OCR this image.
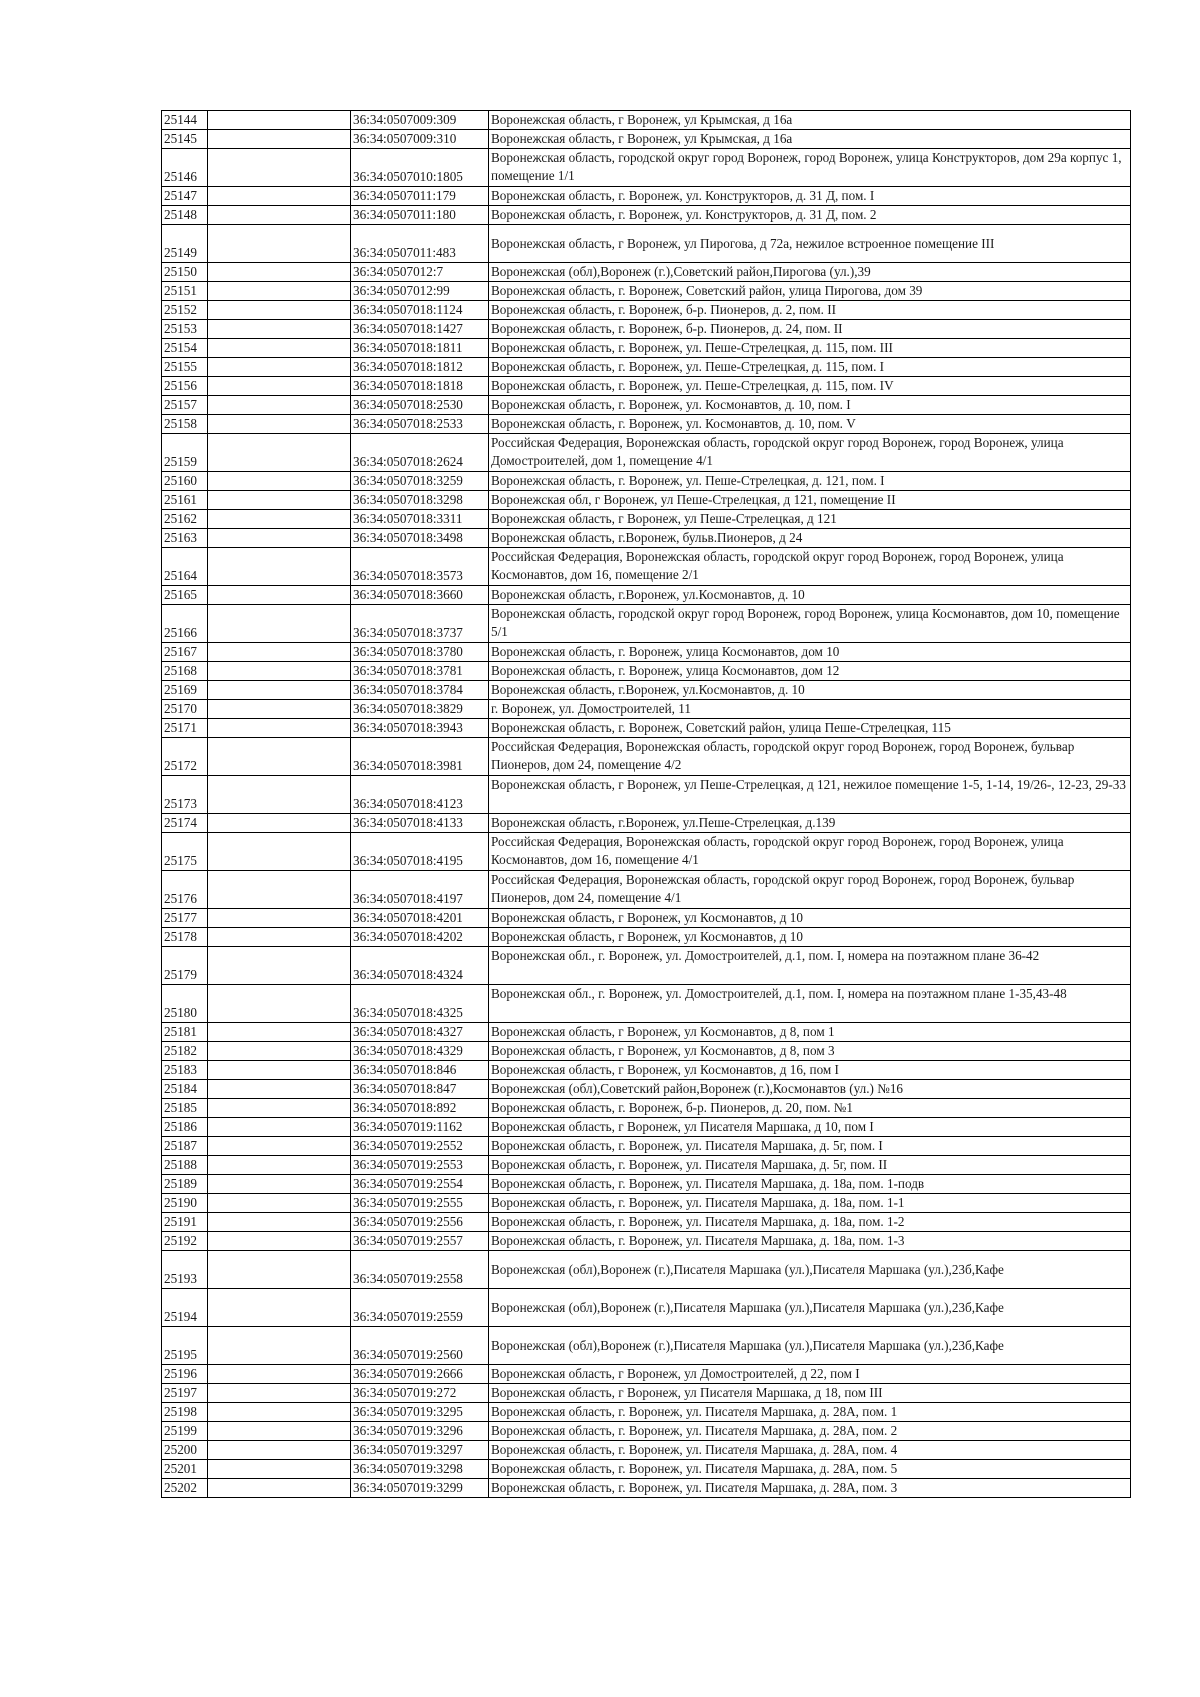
25144		36:34:0507009:309	Воронежская область, г Воронеж, ул Крымская, д 16а
25145		36:34:0507009:310	Воронежская область, г Воронеж, ул Крымская, д 16а
25146		36:34:0507010:1805	Воронежская область, городской округ город Воронеж, город Воронеж, улица Конструкторов, дом 29а корпус 1, помещение 1/1
25147		36:34:0507011:179	Воронежская область, г. Воронеж, ул. Конструкторов, д. 31 Д, пом. I
25148		36:34:0507011:180	Воронежская область, г. Воронеж, ул. Конструкторов, д. 31 Д, пом. 2
25149		36:34:0507011:483	Воронежская область, г Воронеж, ул Пирогова, д 72а, нежилое встроенное помещение III
25150		36:34:0507012:7	Воронежская (обл),Воронеж (г.),Советский район,Пирогова (ул.),39
25151		36:34:0507012:99	Воронежская область, г. Воронеж, Советский район, улица Пирогова, дом 39
25152		36:34:0507018:1124	Воронежская область, г. Воронеж, б-р. Пионеров, д. 2, пом. II
25153		36:34:0507018:1427	Воронежская область, г. Воронеж, б-р. Пионеров, д. 24, пом. II
25154		36:34:0507018:1811	Воронежская область, г. Воронеж, ул. Пеше-Стрелецкая, д. 115, пом. III
25155		36:34:0507018:1812	Воронежская область, г. Воронеж, ул. Пеше-Стрелецкая, д. 115, пом. I
25156		36:34:0507018:1818	Воронежская область, г. Воронеж, ул. Пеше-Стрелецкая, д. 115, пом. IV
25157		36:34:0507018:2530	Воронежская область, г. Воронеж, ул. Космонавтов, д. 10, пом. I
25158		36:34:0507018:2533	Воронежская область, г. Воронеж, ул. Космонавтов, д. 10, пом. V
25159		36:34:0507018:2624	Российская Федерация, Воронежская область, городской округ город Воронеж, город Воронеж, улица Домостроителей, дом 1, помещение 4/1
25160		36:34:0507018:3259	Воронежская область, г. Воронеж, ул. Пеше-Стрелецкая, д. 121, пом. I
25161		36:34:0507018:3298	Воронежская обл, г Воронеж, ул Пеше-Стрелецкая, д 121, помещение II
25162		36:34:0507018:3311	Воронежская область, г Воронеж, ул Пеше-Стрелецкая, д 121
25163		36:34:0507018:3498	Воронежская область, г.Воронеж, бульв.Пионеров, д 24
25164		36:34:0507018:3573	Российская Федерация, Воронежская область, городской округ город Воронеж, город Воронеж, улица Космонавтов, дом 16, помещение 2/1
25165		36:34:0507018:3660	Воронежская область, г.Воронеж, ул.Космонавтов, д. 10
25166		36:34:0507018:3737	Воронежская область, городской округ город Воронеж, город Воронеж, улица Космонавтов, дом 10, помещение 5/1
25167		36:34:0507018:3780	Воронежская область, г. Воронеж, улица Космонавтов, дом 10
25168		36:34:0507018:3781	Воронежская область, г. Воронеж, улица Космонавтов, дом 12
25169		36:34:0507018:3784	Воронежская область, г.Воронеж, ул.Космонавтов, д. 10
25170		36:34:0507018:3829	г. Воронеж, ул. Домостроителей, 11
25171		36:34:0507018:3943	Воронежская область, г. Воронеж, Советский район, улица Пеше-Стрелецкая, 115
25172		36:34:0507018:3981	Российская Федерация, Воронежская область, городской округ город Воронеж, город Воронеж, бульвар Пионеров, дом 24, помещение 4/2
25173		36:34:0507018:4123	Воронежская область, г Воронеж, ул Пеше-Стрелецкая, д 121, нежилое помещение 1-5, 1-14, 19/26-, 12-23, 29-33
25174		36:34:0507018:4133	Воронежская область, г.Воронеж, ул.Пеше-Стрелецкая, д.139
25175		36:34:0507018:4195	Российская Федерация, Воронежская область, городской округ город Воронеж, город Воронеж, улица Космонавтов, дом 16, помещение 4/1
25176		36:34:0507018:4197	Российская Федерация, Воронежская область, городской округ город Воронеж, город Воронеж, бульвар Пионеров, дом 24, помещение 4/1
25177		36:34:0507018:4201	Воронежская область, г Воронеж, ул Космонавтов, д 10
25178		36:34:0507018:4202	Воронежская область, г Воронеж, ул Космонавтов, д 10
25179		36:34:0507018:4324	Воронежская обл., г. Воронеж, ул. Домостроителей, д.1, пом. I, номера на поэтажном плане 36-42
25180		36:34:0507018:4325	Воронежская обл., г. Воронеж, ул. Домостроителей, д.1, пом. I, номера на поэтажном плане 1-35,43-48
25181		36:34:0507018:4327	Воронежская область, г Воронеж, ул Космонавтов, д 8, пом 1
25182		36:34:0507018:4329	Воронежская область, г Воронеж, ул Космонавтов, д 8, пом 3
25183		36:34:0507018:846	Воронежская область, г Воронеж, ул Космонавтов, д 16, пом I
25184		36:34:0507018:847	Воронежская (обл),Советский район,Воронеж (г.),Космонавтов (ул.) №16
25185		36:34:0507018:892	Воронежская область, г. Воронеж, б-р. Пионеров, д. 20, пом. №1
25186		36:34:0507019:1162	Воронежская область, г Воронеж, ул Писателя Маршака, д 10, пом I
25187		36:34:0507019:2552	Воронежская область, г. Воронеж, ул. Писателя Маршака, д. 5г, пом. I
25188		36:34:0507019:2553	Воронежская область, г. Воронеж, ул. Писателя Маршака, д. 5г, пом. II
25189		36:34:0507019:2554	Воронежская область, г. Воронеж, ул. Писателя Маршака, д. 18а, пом. 1-подв
25190		36:34:0507019:2555	Воронежская область, г. Воронеж, ул. Писателя Маршака, д. 18а, пом. 1-1
25191		36:34:0507019:2556	Воронежская область, г. Воронеж, ул. Писателя Маршака, д. 18а, пом. 1-2
25192		36:34:0507019:2557	Воронежская область, г. Воронеж, ул. Писателя Маршака, д. 18а, пом. 1-3
25193		36:34:0507019:2558	Воронежская (обл),Воронеж (г.),Писателя Маршака (ул.),Писателя Маршака (ул.),23б,Кафе
25194		36:34:0507019:2559	Воронежская (обл),Воронеж (г.),Писателя Маршака (ул.),Писателя Маршака (ул.),23б,Кафе
25195		36:34:0507019:2560	Воронежская (обл),Воронеж (г.),Писателя Маршака (ул.),Писателя Маршака (ул.),23б,Кафе
25196		36:34:0507019:2666	Воронежская область, г Воронеж, ул Домостроителей, д 22, пом I
25197		36:34:0507019:272	Воронежская область, г Воронеж, ул Писателя Маршака, д 18, пом III
25198		36:34:0507019:3295	Воронежская область, г. Воронеж, ул. Писателя Маршака, д. 28А, пом. 1
25199		36:34:0507019:3296	Воронежская область, г. Воронеж, ул. Писателя Маршака, д. 28А, пом. 2
25200		36:34:0507019:3297	Воронежская область, г. Воронеж, ул. Писателя Маршака, д. 28А, пом. 4
25201		36:34:0507019:3298	Воронежская область, г. Воронеж, ул. Писателя Маршака, д. 28А, пом. 5
25202		36:34:0507019:3299	Воронежская область, г. Воронеж, ул. Писателя Маршака, д. 28А, пом. 3
